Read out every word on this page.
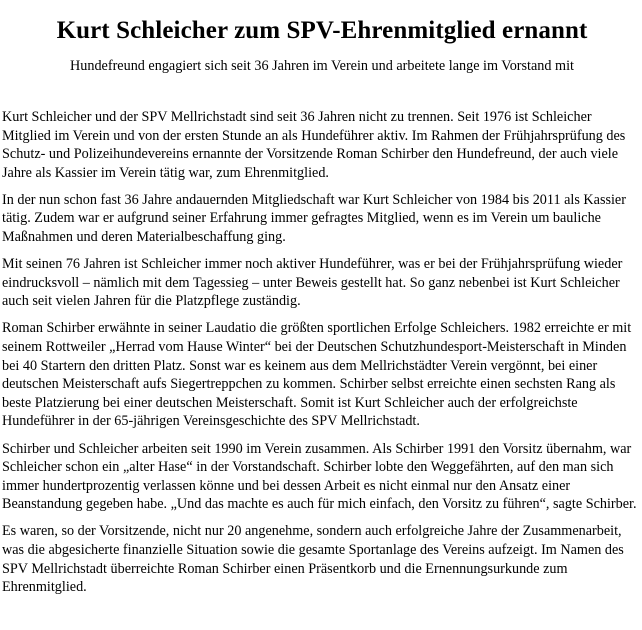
Kurt Schleicher zum SPV-Ehrenmitglied ernannt
Hundefreund engagiert sich seit 36 Jahren im Verein und arbeitete lange im Vorstand mit

Kurt Schleicher und der SPV Mellrichstadt sind seit 36 Jahren nicht zu trennen. Seit 1976 ist Schleicher Mitglied im Verein und von der ersten Stunde an als Hundeführer aktiv. Im Rahmen der Frühjahrsprüfung des Schutz- und Polizeihundevereins ernannte der Vorsitzende Roman Schirber den Hundefreund, der auch viele Jahre als Kassier im Verein tätig war, zum Ehrenmitglied.

In der nun schon fast 36 Jahre andauernden Mitgliedschaft war Kurt Schleicher von 1984 bis 2011 als Kassier tätig. Zudem war er aufgrund seiner Erfahrung immer gefragtes Mitglied, wenn es im Verein um bauliche Maßnahmen und deren Materialbeschaffung ging.

Mit seinen 76 Jahren ist Schleicher immer noch aktiver Hundeführer, was er bei der Frühjahrsprüfung wieder eindrucksvoll – nämlich mit dem Tagessieg – unter Beweis gestellt hat. So ganz nebenbei ist Kurt Schleicher auch seit vielen Jahren für die Platzpflege zuständig.

Roman Schirber erwähnte in seiner Laudatio die größten sportlichen Erfolge Schleichers. 1982 erreichte er mit seinem Rottweiler „Herrad vom Hause Winter“ bei der Deutschen Schutzhundesport-Meisterschaft in Minden bei 40 Startern den dritten Platz. Sonst war es keinem aus dem Mellrichstädter Verein vergönnt, bei einer deutschen Meisterschaft aufs Siegertreppchen zu kommen. Schirber selbst erreichte einen sechsten Rang als beste Platzierung bei einer deutschen Meisterschaft. Somit ist Kurt Schleicher auch der erfolgreichste Hundeführer in der 65-jährigen Vereinsgeschichte des SPV Mellrichstadt.

Schirber und Schleicher arbeiten seit 1990 im Verein zusammen. Als Schirber 1991 den Vorsitz übernahm, war Schleicher schon ein „alter Hase“ in der Vorstandschaft. Schirber lobte den Weggefährten, auf den man sich immer hundertprozentig verlassen könne und bei dessen Arbeit es nicht einmal nur den Ansatz einer Beanstandung gegeben habe. „Und das machte es auch für mich einfach, den Vorsitz zu führen“, sagte Schirber.

Es waren, so der Vorsitzende, nicht nur 20 angenehme, sondern auch erfolgreiche Jahre der Zusammenarbeit, was die abgesicherte finanzielle Situation sowie die gesamte Sportanlage des Vereins aufzeigt. Im Namen des SPV Mellrichstadt überreichte Roman Schirber einen Präsentkorb und die Ernennungsurkunde zum Ehrenmitglied.
